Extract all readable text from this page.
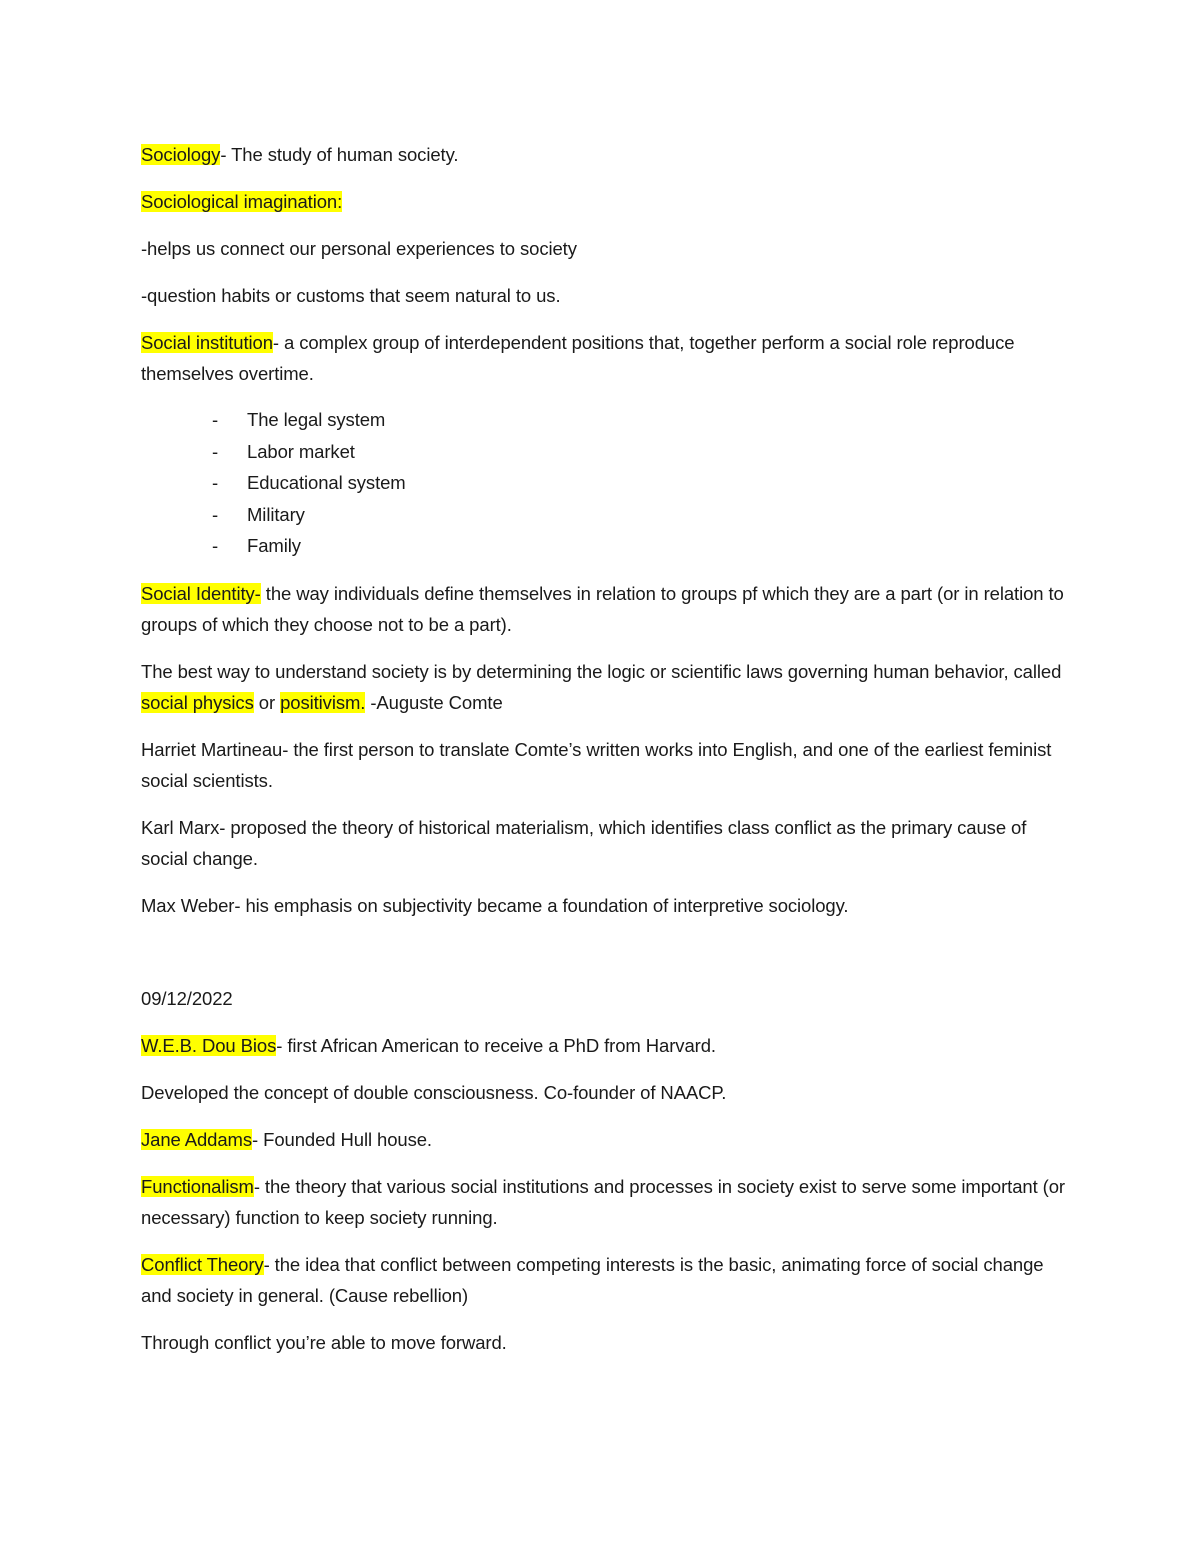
Sociology- The study of human society.

Sociological imagination:

-helps us connect our personal experiences to society

-question habits or customs that seem natural to us.

Social institution- a complex group of interdependent positions that, together perform a social role reproduce themselves overtime.

- The legal system
- Labor market
- Educational system
- Military
- Family

Social Identity- the way individuals define themselves in relation to groups pf which they are a part (or in relation to groups of which they choose not to be a part).

The best way to understand society is by determining the logic or scientific laws governing human behavior, called social physics or positivism. -Auguste Comte

Harriet Martineau- the first person to translate Comte’s written works into English, and one of the earliest feminist social scientists.

Karl Marx- proposed the theory of historical materialism, which identifies class conflict as the primary cause of social change.

Max Weber- his emphasis on subjectivity became a foundation of interpretive sociology.

09/12/2022

W.E.B. Dou Bios- first African American to receive a PhD from Harvard.

Developed the concept of double consciousness. Co-founder of NAACP.

Jane Addams- Founded Hull house.

Functionalism- the theory that various social institutions and processes in society exist to serve some important (or necessary) function to keep society running.

Conflict Theory- the idea that conflict between competing interests is the basic, animating force of social change and society in general. (Cause rebellion)

Through conflict you’re able to move forward.
